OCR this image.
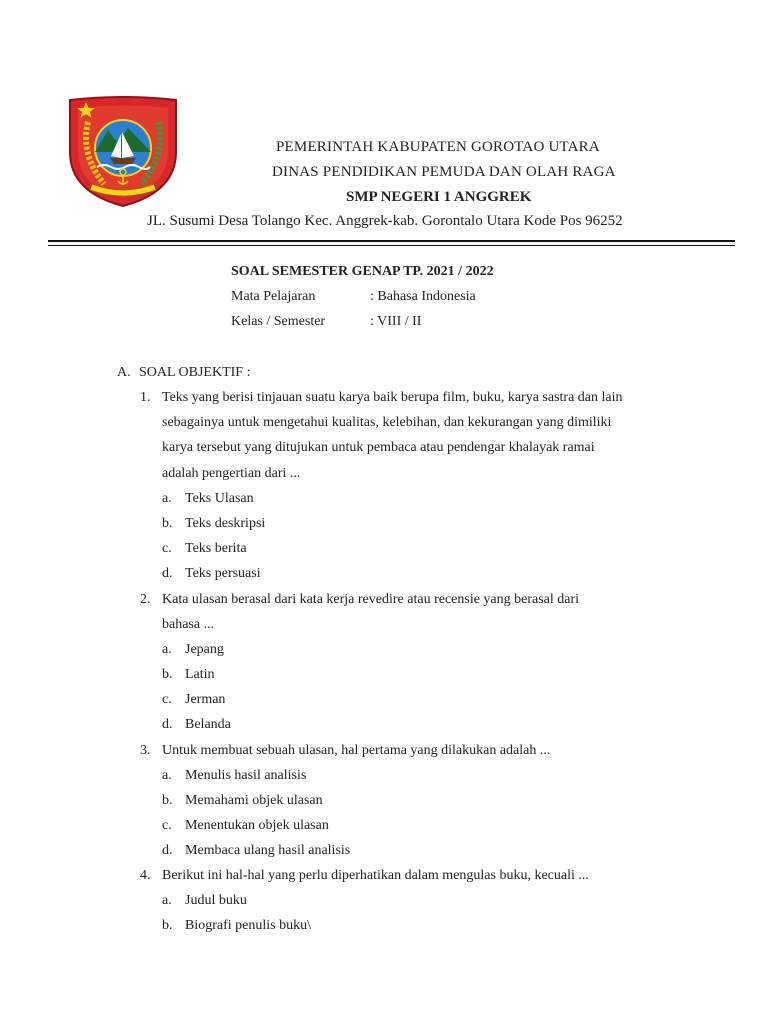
PEMERINTAH KABUPATEN GOROTAO UTARA
DINAS PENDIDIKAN PEMUDA DAN OLAH RAGA
SMP NEGERI 1 ANGGREK
JL. Susumi Desa Tolango Kec. Anggrek-kab. Gorontalo Utara Kode Pos 96252
SOAL SEMESTER GENAP TP. 2021 / 2022
Mata Pelajaran	: Bahasa Indonesia
Kelas / Semester	: VIII / II
A. SOAL OBJEKTIF :
1. Teks yang berisi tinjauan suatu karya baik berupa film, buku, karya sastra dan lain
sebagainya untuk mengetahui kualitas, kelebihan, dan kekurangan yang dimiliki
karya tersebut yang ditujukan untuk pembaca atau pendengar khalayak ramai
adalah pengertian dari ...
a. Teks Ulasan
b. Teks deskripsi
c. Teks berita
d. Teks persuasi
2. Kata ulasan berasal dari kata kerja revedire atau recensie yang berasal dari
bahasa ...
a. Jepang
b. Latin
c. Jerman
d. Belanda
3. Untuk membuat sebuah ulasan, hal pertama yang dilakukan adalah ...
a. Menulis hasil analisis
b. Memahami objek ulasan
c. Menentukan objek ulasan
d. Membaca ulang hasil analisis
4. Berikut ini hal-hal yang perlu diperhatikan dalam mengulas buku, kecuali ...
a. Judul buku
b. Biografi penulis buku\
